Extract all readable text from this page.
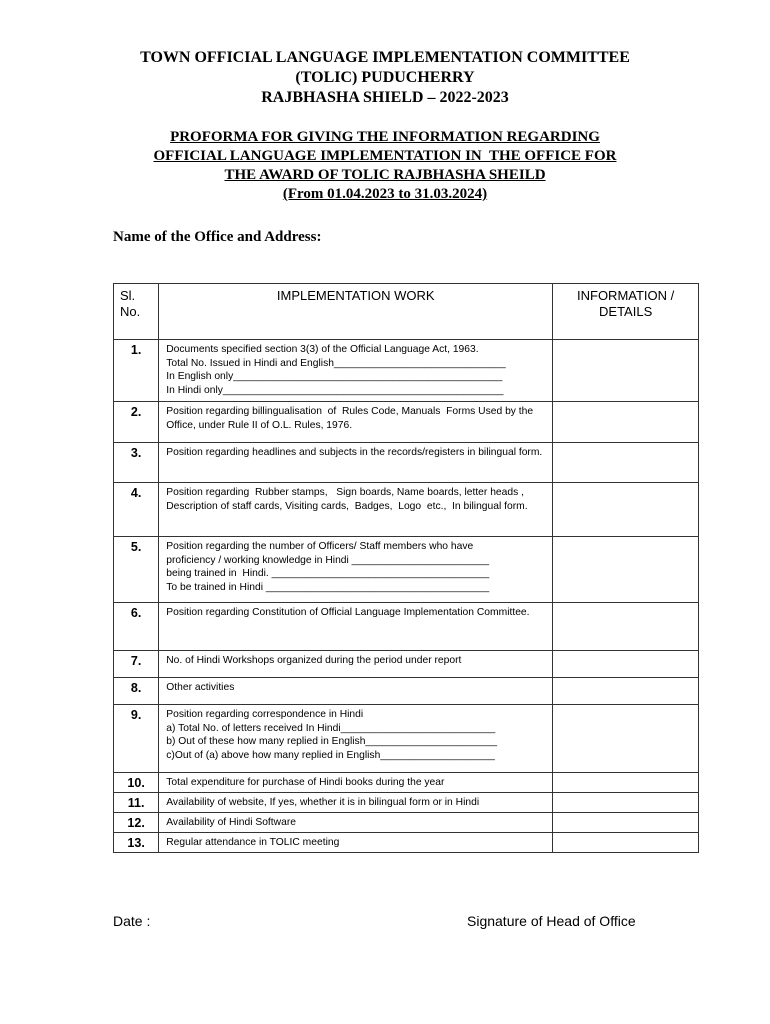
TOWN OFFICIAL LANGUAGE IMPLEMENTATION COMMITTEE
(TOLIC) PUDUCHERRY
RAJBHASHA SHIELD – 2022-2023
PROFORMA FOR GIVING THE INFORMATION REGARDING
OFFICIAL LANGUAGE IMPLEMENTATION IN  THE OFFICE FOR
THE AWARD OF TOLIC RAJBHASHA SHEILD
(From 01.04.2023 to 31.03.2024)
Name of the Office and Address:
Sl.
No.	IMPLEMENTATION WORK	INFORMATION /
DETAILS
1.	Documents specified section 3(3) of the Official Language Act, 1963.
Total No. Issued in Hindi and English______________________________
In English only_______________________________________________
In Hindi only_________________________________________________	
2.	Position regarding billingualisation  of  Rules Code, Manuals  Forms Used by the Office, under Rule II of O.L. Rules, 1976.	
3.	Position regarding headlines and subjects in the records/registers in bilingual form.	
4.	Position regarding  Rubber stamps,   Sign boards, Name boards, letter heads , Description of staff cards, Visiting cards,  Badges,  Logo  etc.,  In bilingual form.	
5.	Position regarding the number of Officers/ Staff members who have
proficiency / working knowledge in Hindi ________________________
being trained in  Hindi. ______________________________________
To be trained in Hindi _______________________________________	
6.	Position regarding Constitution of Official Language Implementation Committee.	
7.	No. of Hindi Workshops organized during the period under report	
8.	Other activities	
9.	Position regarding correspondence in Hindi
a) Total No. of letters received In Hindi___________________________
b) Out of these how many replied in English_______________________
c)Out of (a) above how many replied in English____________________	
10.	Total expenditure for purchase of Hindi books during the year	
11.	Availability of website, If yes, whether it is in bilingual form or in Hindi	
12.	Availability of Hindi Software	
13.	Regular attendance in TOLIC meeting	
Date :	Signature of Head of Office
